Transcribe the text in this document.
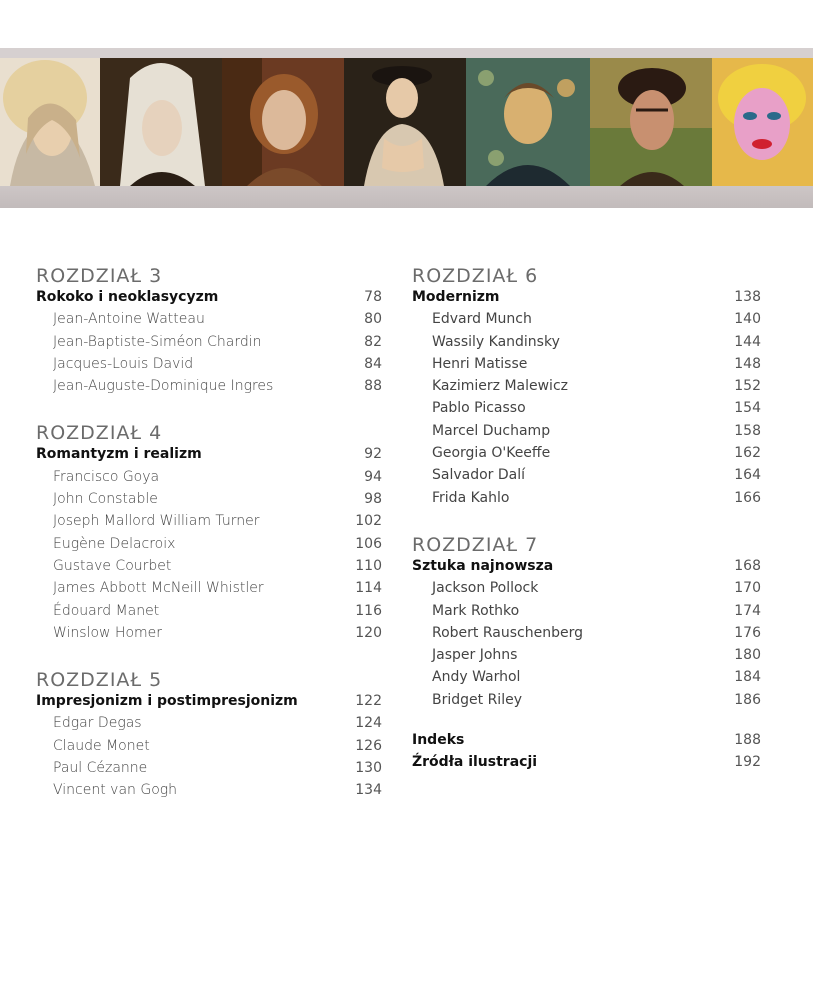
ROZDZIAŁ 3
Rokoko i neoklasycyzm	78
Jean-Antoine Watteau	80
Jean-Baptiste-Siméon Chardin	82
Jacques-Louis David	84
Jean-Auguste-Dominique Ingres	88
ROZDZIAŁ 4
Romantyzm i realizm	92
Francisco Goya	94
John Constable	98
Joseph Mallord William Turner	102
Eugène Delacroix	106
Gustave Courbet	110
James Abbott McNeill Whistler	114
Édouard Manet	116
Winslow Homer	120
ROZDZIAŁ 5
Impresjonizm i postimpresjonizm	122
Edgar Degas	124
Claude Monet	126
Paul Cézanne	130
Vincent van Gogh	134
ROZDZIAŁ 6
Modernizm	138
Edvard Munch	140
Wassily Kandinsky	144
Henri Matisse	148
Kazimierz Malewicz	152
Pablo Picasso	154
Marcel Duchamp	158
Georgia O'Keeffe	162
Salvador Dalí	164
Frida Kahlo	166
ROZDZIAŁ 7
Sztuka najnowsza	168
Jackson Pollock	170
Mark Rothko	174
Robert Rauschenberg	176
Jasper Johns	180
Andy Warhol	184
Bridget Riley	186
Indeks	188
Źródła ilustracji	192
